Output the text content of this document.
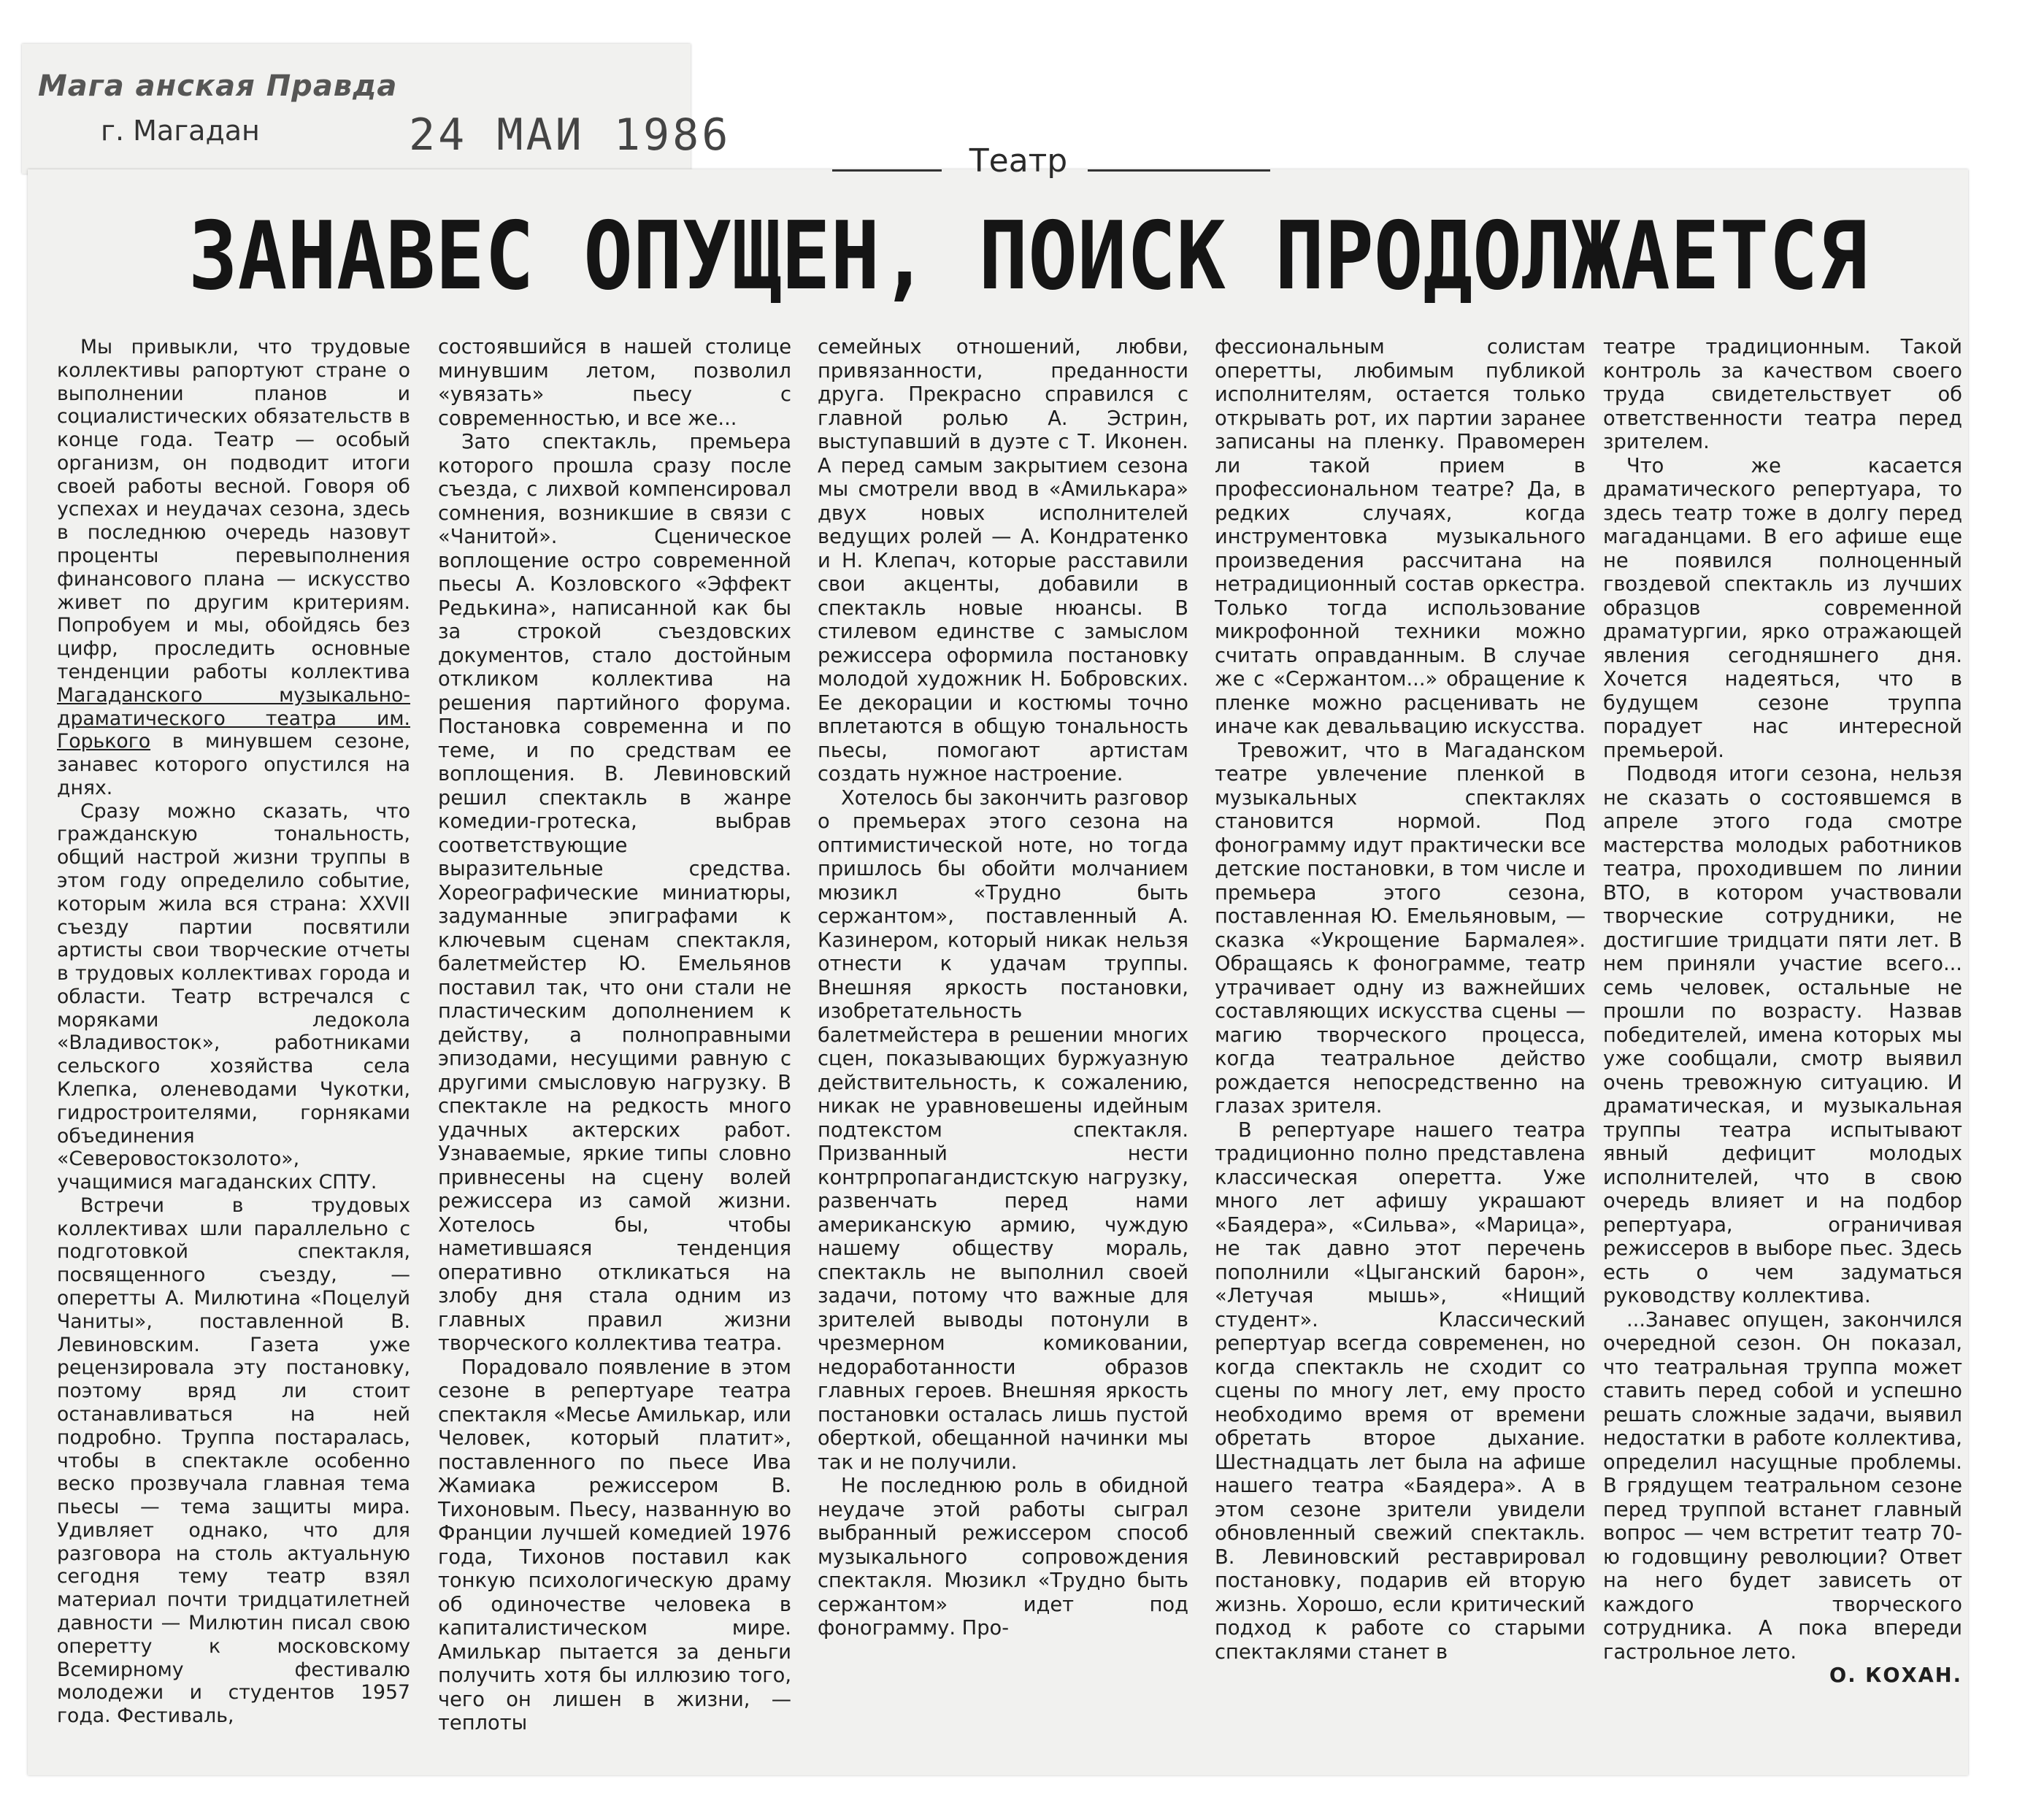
Мага анская Правда

г. Магадан	24 МАИ 1986

Театр

ЗАНАВЕС ОПУЩЕН, ПОИСК ПРОДОЛЖАЕТСЯ

Мы привыкли, что трудовые коллективы рапортуют стране о выполнении планов и социалистических обязательств в конце года. Театр — особый организм, он подводит итоги своей работы весной. Говоря об успехах и неудачах сезона, здесь в последнюю очередь назовут проценты перевыполнения финансового плана — искусство живет по другим критериям. Попробуем и мы, обойдясь без цифр, проследить основные тенденции работы коллектива Магаданского музыкально-драматического театра им. Горького в минувшем сезоне, занавес которого опустился на днях.

Сразу можно сказать, что гражданскую тональность, общий настрой жизни труппы в этом году определило событие, которым жила вся страна: XXVII съезду партии посвятили артисты свои творческие отчеты в трудовых коллективах города и области. Театр встречался с моряками ледокола «Владивосток», работниками сельского хозяйства села Клепка, оленеводами Чукотки, гидростроителями, горняками объединения «Северовостокзолото», учащимися магаданских СПТУ.

Встречи в трудовых коллективах шли параллельно с подготовкой спектакля, посвященного съезду, — оперетты А. Милютина «Поцелуй Чаниты», поставленной В. Левиновским. Газета уже рецензировала эту постановку, поэтому вряд ли стоит останавливаться на ней подробно. Труппа постаралась, чтобы в спектакле особенно веско прозвучала главная тема пьесы — тема защиты мира. Удивляет однако, что для разговора на столь актуальную сегодня тему театр взял материал почти тридцатилетней давности — Милютин писал свою оперетту к московскому Всемирному фестивалю молодежи и студентов 1957 года. Фестиваль,

состоявшийся в нашей столице минувшим летом, позволил «увязать» пьесу с современностью, и все же...

Зато спектакль, премьера которого прошла сразу после съезда, с лихвой компенсировал сомнения, возникшие в связи с «Чанитой». Сценическое воплощение остро современной пьесы А. Козловского «Эффект Редькина», написанной как бы за строкой съездовских документов, стало достойным откликом коллектива на решения партийного форума. Постановка современна и по теме, и по средствам ее воплощения. В. Левиновский решил спектакль в жанре комедии-гротеска, выбрав соответствующие выразительные средства. Хореографические миниатюры, задуманные эпиграфами к ключевым сценам спектакля, балетмейстер Ю. Емельянов поставил так, что они стали не пластическим дополнением к действу, а полноправными эпизодами, несущими равную с другими смысловую нагрузку. В спектакле на редкость много удачных актерских работ. Узнаваемые, яркие типы словно привнесены на сцену волей режиссера из самой жизни. Хотелось бы, чтобы наметившаяся тенденция оперативно откликаться на злобу дня стала одним из главных правил жизни творческого коллектива театра.

Порадовало появление в этом сезоне в репертуаре театра спектакля «Месье Амилькар, или Человек, который платит», поставленного по пьесе Ива Жамиака режиссером В. Тихоновым. Пьесу, названную во Франции лучшей комедией 1976 года, Тихонов поставил как тонкую психологическую драму об одиночестве человека в капиталистическом мире. Амилькар пытается за деньги получить хотя бы иллюзию того, чего он лишен в жизни, — теплоты

семейных отношений, любви, привязанности, преданности друга. Прекрасно справился с главной ролью А. Эстрин, выступавший в дуэте с Т. Иконен. А перед самым закрытием сезона мы смотрели ввод в «Амилькара» двух новых исполнителей ведущих ролей — А. Кондратенко и Н. Клепач, которые расставили свои акценты, добавили в спектакль новые нюансы. В стилевом единстве с замыслом режиссера оформила постановку молодой художник Н. Бобровских. Ее декорации и костюмы точно вплетаются в общую тональность пьесы, помогают артистам создать нужное настроение.

Хотелось бы закончить разговор о премьерах этого сезона на оптимистической ноте, но тогда пришлось бы обойти молчанием мюзикл «Трудно быть сержантом», поставленный А. Казинером, который никак нельзя отнести к удачам труппы. Внешняя яркость постановки, изобретательность балетмейстера в решении многих сцен, показывающих буржуазную действительность, к сожалению, никак не уравновешены идейным подтекстом спектакля. Призванный нести контрпропагандистскую нагрузку, развенчать перед нами американскую армию, чуждую нашему обществу мораль, спектакль не выполнил своей задачи, потому что важные для зрителей выводы потонули в чрезмерном комиковании, недоработанности образов главных героев. Внешняя яркость постановки осталась лишь пустой оберткой, обещанной начинки мы так и не получили.

Не последнюю роль в обидной неудаче этой работы сыграл выбранный режиссером способ музыкального сопровождения спектакля. Мюзикл «Трудно быть сержантом» идет под фонограмму. Про-

фессиональным солистам оперетты, любимым публикой исполнителям, остается только открывать рот, их партии заранее записаны на пленку. Правомерен ли такой прием в профессиональном театре? Да, в редких случаях, когда инструментовка музыкального произведения рассчитана на нетрадиционный состав оркестра. Только тогда использование микрофонной техники можно считать оправданным. В случае же с «Сержантом...» обращение к пленке можно расценивать не иначе как девальвацию искусства.

Тревожит, что в Магаданском театре увлечение пленкой в музыкальных спектаклях становится нормой. Под фонограмму идут практически все детские постановки, в том числе и премьера этого сезона, поставленная Ю. Емельяновым, — сказка «Укрощение Бармалея». Обращаясь к фонограмме, театр утрачивает одну из важнейших составляющих искусства сцены — магию творческого процесса, когда театральное действо рождается непосредственно на глазах зрителя.

В репертуаре нашего театра традиционно полно представлена классическая оперетта. Уже много лет афишу украшают «Баядера», «Сильва», «Марица», не так давно этот перечень пополнили «Цыганский барон», «Летучая мышь», «Нищий студент». Классический репертуар всегда современен, но когда спектакль не сходит со сцены по многу лет, ему просто необходимо время от времени обретать второе дыхание. Шестнадцать лет была на афише нашего театра «Баядера». А в этом сезоне зрители увидели обновленный свежий спектакль. В. Левиновский реставрировал постановку, подарив ей вторую жизнь. Хорошо, если критический подход к работе со старыми спектаклями станет в

театре традиционным. Такой контроль за качеством своего труда свидетельствует об ответственности театра перед зрителем.

Что же касается драматического репертуара, то здесь театр тоже в долгу перед магаданцами. В его афише еще не появился полноценный гвоздевой спектакль из лучших образцов современной драматургии, ярко отражающей явления сегодняшнего дня. Хочется надеяться, что в будущем сезоне труппа порадует нас интересной премьерой.

Подводя итоги сезона, нельзя не сказать о состоявшемся в апреле этого года смотре мастерства молодых работников театра, проходившем по линии ВТО, в котором участвовали творческие сотрудники, не достигшие тридцати пяти лет. В нем приняли участие всего... семь человек, остальные не прошли по возрасту. Назвав победителей, имена которых мы уже сообщали, смотр выявил очень тревожную ситуацию. И драматическая, и музыкальная труппы театра испытывают явный дефицит молодых исполнителей, что в свою очередь влияет и на подбор репертуара, ограничивая режиссеров в выборе пьес. Здесь есть о чем задуматься руководству коллектива.

...Занавес опущен, закончился очередной сезон. Он показал, что театральная труппа может ставить перед собой и успешно решать сложные задачи, выявил недостатки в работе коллектива, определил насущные проблемы. В грядущем театральном сезоне перед труппой встанет главный вопрос — чем встретит театр 70-ю годовщину революции? Ответ на него будет зависеть от каждого творческого сотрудника. А пока впереди гастрольное лето.

О. КОХАН.
